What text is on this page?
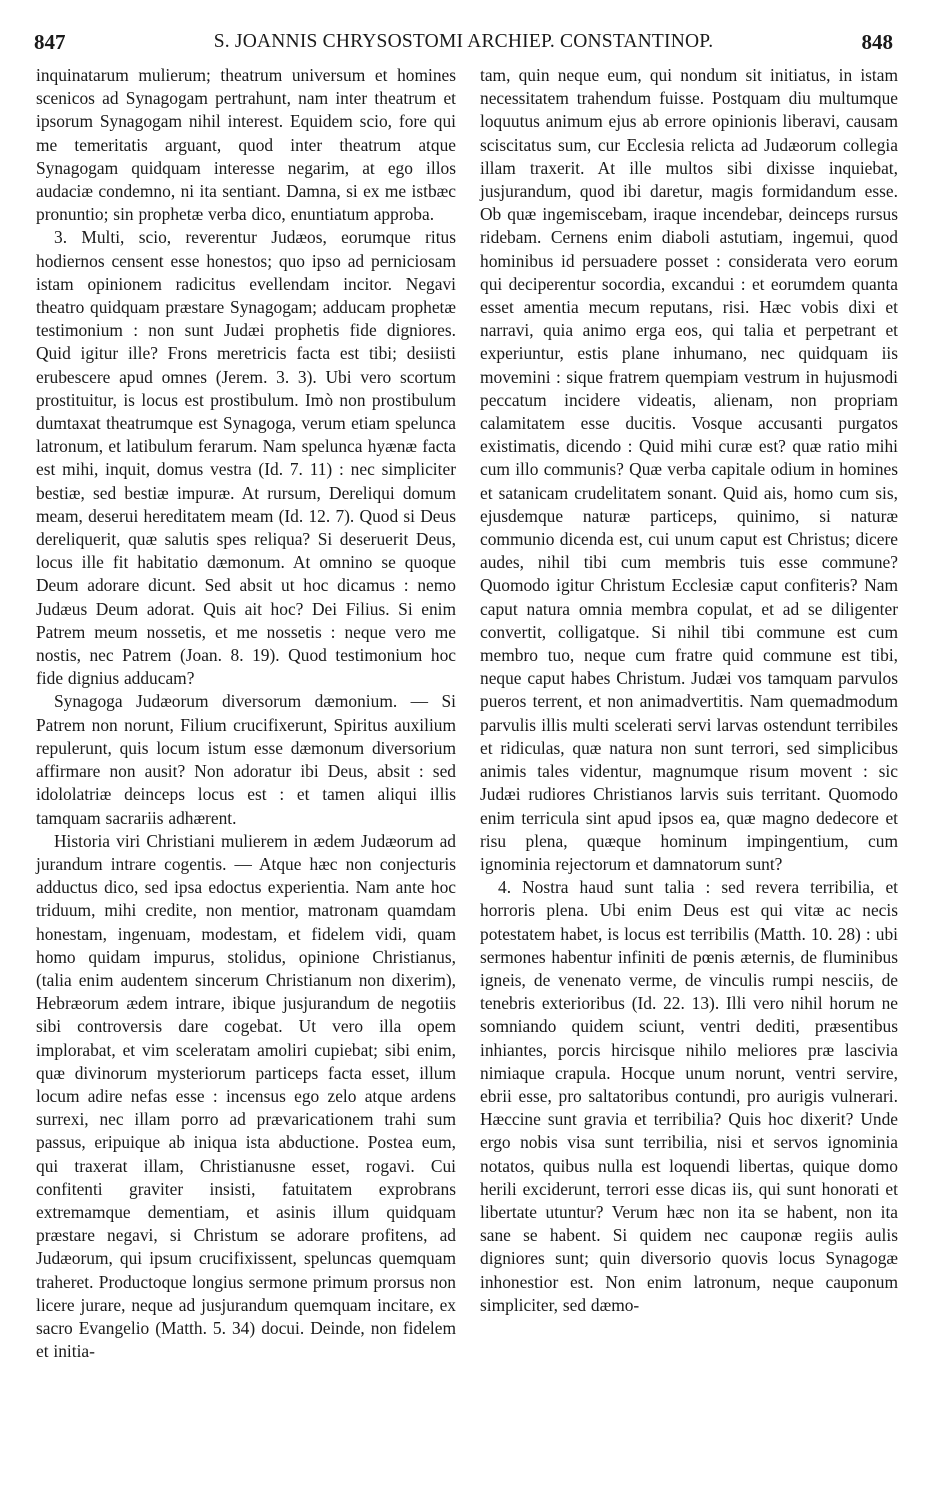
847	S. JOANNIS CHRYSOSTOMI ARCHIEP. CONSTANTINOP.	848

inquinatarum mulierum; theatrum universum et homines scenicos ad Synagogam pertrahunt, nam inter theatrum et ipsorum Synagogam nihil interest. Equidem scio, fore qui me temeritatis arguant, quod inter theatrum atque Synagogam quidquam interesse negarim, at ego illos audaciæ condemno, ni ita sentiant. Damna, si ex me istbæc pronuntio; sin prophetæ verba dico, enuntiatum approba.

3. Multi, scio, reverentur Judæos, eorumque ritus hodiernos censent esse honestos; quo ipso ad perniciosam istam opinionem radicitus evellendam incitor. Negavi theatro quidquam præstare Synagogam; adducam prophetæ testimonium : non sunt Judæi prophetis fide digniores. Quid igitur ille? Frons meretricis facta est tibi; desiisti erubescere apud omnes (Jerem. 3. 3). Ubi vero scortum prostituitur, is locus est prostibulum. Imò non prostibulum dumtaxat theatrumque est Synagoga, verum etiam spelunca latronum, et latibulum ferarum. Nam spelunca hyænæ facta est mihi, inquit, domus vestra (Id. 7. 11) : nec simpliciter bestiæ, sed bestiæ impuræ. At rursum, Dereliqui domum meam, deserui hereditatem meam (Id. 12. 7). Quod si Deus dereliquerit, quæ salutis spes reliqua? Si deseruerit Deus, locus ille fit habitatio dæmonum. At omnino se quoque Deum adorare dicunt. Sed absit ut hoc dicamus : nemo Judæus Deum adorat. Quis ait hoc? Dei Filius. Si enim Patrem meum nossetis, et me nossetis : neque vero me nostis, nec Patrem (Joan. 8. 19). Quod testimonium hoc fide dignius adducam?

Synagoga Judæorum diversorum dæmonium. — Si Patrem non norunt, Filium crucifixerunt, Spiritus auxilium repulerunt, quis locum istum esse dæmonum diversorium affirmare non ausit? Non adoratur ibi Deus, absit : sed idololatriæ deinceps locus est : et tamen aliqui illis tamquam sacrariis adhærent.

Historia viri Christiani mulierem in ædem Judæorum ad jurandum intrare cogentis. — Atque hæc non conjecturis adductus dico, sed ipsa edoctus experientia. Nam ante hoc triduum, mihi credite, non mentior, matronam quamdam honestam, ingenuam, modestam, et fidelem vidi, quam homo quidam impurus, stolidus, opinione Christianus, (talia enim audentem sincerum Christianum non dixerim), Hebræorum ædem intrare, ibique jusjurandum de negotiis sibi controversis dare cogebat. Ut vero illa opem implorabat, et vim sceleratam amoliri cupiebat; sibi enim, quæ divinorum mysteriorum particeps facta esset, illum locum adire nefas esse : incensus ego zelo atque ardens surrexi, nec illam porro ad prævaricationem trahi sum passus, eripuique ab iniqua ista abductione. Postea eum, qui traxerat illam, Christianusne esset, rogavi. Cui confitenti graviter insisti, fatuitatem exprobrans extremamque dementiam, et asinis illum quidquam præstare negavi, si Christum se adorare profitens, ad Judæorum, qui ipsum crucifixissent, speluncas quemquam traheret. Productoque longius sermone primum prorsus non licere jurare, neque ad jusjurandum quemquam incitare, ex sacro Evangelio (Matth. 5. 34) docui. Deinde, non fidelem et initia-

tam, quin neque eum, qui nondum sit initiatus, in istam necessitatem trahendum fuisse. Postquam diu multumque loquutus animum ejus ab errore opinionis liberavi, causam sciscitatus sum, cur Ecclesia relicta ad Judæorum collegia illam traxerit. At ille multos sibi dixisse inquiebat, jusjurandum, quod ibi daretur, magis formidandum esse. Ob quæ ingemiscebam, iraque incendebar, deinceps rursus ridebam. Cernens enim diaboli astutiam, ingemui, quod hominibus id persuadere posset : considerata vero eorum qui deciperentur socordia, excandui : et eorumdem quanta esset amentia mecum reputans, risi. Hæc vobis dixi et narravi, quia animo erga eos, qui talia et perpetrant et experiuntur, estis plane inhumano, nec quidquam iis movemini : sique fratrem quempiam vestrum in hujusmodi peccatum incidere videatis, alienam, non propriam calamitatem esse ducitis. Vosque accusanti purgatos existimatis, dicendo : Quid mihi curæ est? quæ ratio mihi cum illo communis? Quæ verba capitale odium in homines et satanicam crudelitatem sonant. Quid ais, homo cum sis, ejusdemque naturæ particeps, quinimo, si naturæ communio dicenda est, cui unum caput est Christus; dicere audes, nihil tibi cum membris tuis esse commune? Quomodo igitur Christum Ecclesiæ caput confiteris? Nam caput natura omnia membra copulat, et ad se diligenter convertit, colligatque. Si nihil tibi commune est cum membro tuo, neque cum fratre quid commune est tibi, neque caput habes Christum. Judæi vos tamquam parvulos pueros terrent, et non animadvertitis. Nam quemadmodum parvulis illis multi scelerati servi larvas ostendunt terribiles et ridiculas, quæ natura non sunt terrori, sed simplicibus animis tales videntur, magnumque risum movent : sic Judæi rudiores Christianos larvis suis territant. Quomodo enim terricula sint apud ipsos ea, quæ magno dedecore et risu plena, quæque hominum impingentium, cum ignominia rejectorum et damnatorum sunt?

4. Nostra haud sunt talia : sed revera terribilia, et horroris plena. Ubi enim Deus est qui vitæ ac necis potestatem habet, is locus est terribilis (Matth. 10. 28) : ubi sermones habentur infiniti de pœnis æternis, de fluminibus igneis, de venenato verme, de vinculis rumpi nesciis, de tenebris exterioribus (Id. 22. 13). Illi vero nihil horum ne somniando quidem sciunt, ventri dediti, præsentibus inhiantes, porcis hircisque nihilo meliores præ lascivia nimiaque crapula. Hocque unum norunt, ventri servire, ebrii esse, pro saltatoribus contundi, pro aurigis vulnerari. Hæccine sunt gravia et terribilia? Quis hoc dixerit? Unde ergo nobis visa sunt terribilia, nisi et servos ignominia notatos, quibus nulla est loquendi libertas, quique domo herili exciderunt, terrori esse dicas iis, qui sunt honorati et libertate utuntur? Verum hæc non ita se habent, non ita sane se habent. Si quidem nec cauponæ regiis aulis digniores sunt; quin diversorio quovis locus Synagogæ inhonestior est. Non enim latronum, neque cauponum simpliciter, sed dæmo-
